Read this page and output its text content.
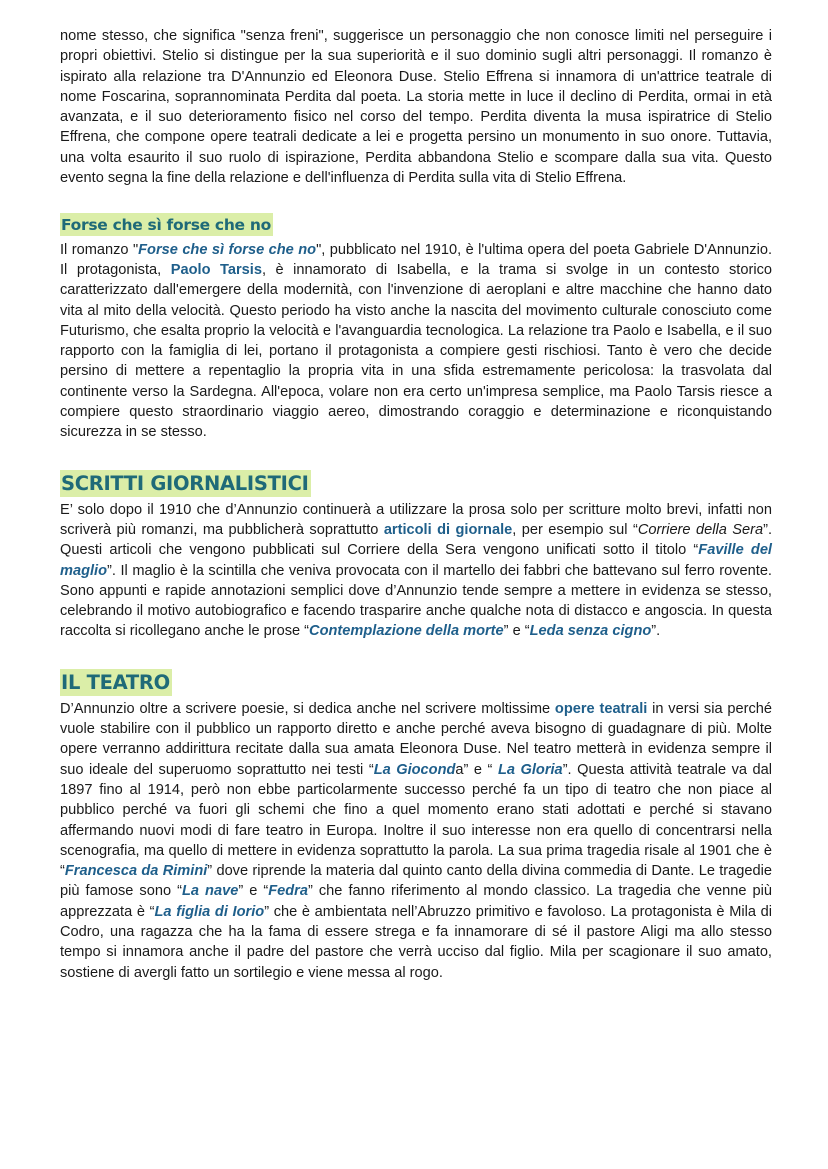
nome stesso, che significa "senza freni", suggerisce un personaggio che non conosce limiti nel perseguire i propri obiettivi. Stelio si distingue per la sua superiorità e il suo dominio sugli altri personaggi. Il romanzo è ispirato alla relazione tra D'Annunzio ed Eleonora Duse. Stelio Effrena si innamora di un'attrice teatrale di nome Foscarina, soprannominata Perdita dal poeta. La storia mette in luce il declino di Perdita, ormai in età avanzata, e il suo deterioramento fisico nel corso del tempo. Perdita diventa la musa ispiratrice di Stelio Effrena, che compone opere teatrali dedicate a lei e progetta persino un monumento in suo onore. Tuttavia, una volta esaurito il suo ruolo di ispirazione, Perdita abbandona Stelio e scompare dalla sua vita. Questo evento segna la fine della relazione e dell'influenza di Perdita sulla vita di Stelio Effrena.

Forse che sì forse che no

Il romanzo "Forse che sì forse che no", pubblicato nel 1910, è l'ultima opera del poeta Gabriele D'Annunzio. Il protagonista, Paolo Tarsis, è innamorato di Isabella, e la trama si svolge in un contesto storico caratterizzato dall'emergere della modernità, con l'invenzione di aeroplani e altre macchine che hanno dato vita al mito della velocità. Questo periodo ha visto anche la nascita del movimento culturale conosciuto come Futurismo, che esalta proprio la velocità e l'avanguardia tecnologica. La relazione tra Paolo e Isabella, e il suo rapporto con la famiglia di lei, portano il protagonista a compiere gesti rischiosi. Tanto è vero che decide persino di mettere a repentaglio la propria vita in una sfida estremamente pericolosa: la trasvolata dal continente verso la Sardegna. All'epoca, volare non era certo un'impresa semplice, ma Paolo Tarsis riesce a compiere questo straordinario viaggio aereo, dimostrando coraggio e determinazione e riconquistando sicurezza in se stesso.

SCRITTI GIORNALISTICI

E’ solo dopo il 1910 che d’Annunzio continuerà a utilizzare la prosa solo per scritture molto brevi, infatti non scriverà più romanzi, ma pubblicherà soprattutto articoli di giornale, per esempio sul “Corriere della Sera”. Questi articoli che vengono pubblicati sul Corriere della Sera vengono unificati sotto il titolo “Faville del maglio”. Il maglio è la scintilla che veniva provocata con il martello dei fabbri che battevano sul ferro rovente. Sono appunti e rapide annotazioni semplici dove d’Annunzio tende sempre a mettere in evidenza se stesso, celebrando il motivo autobiografico e facendo trasparire anche qualche nota di distacco e angoscia. In questa raccolta si ricollegano anche le prose “Contemplazione della morte” e “Leda senza cigno”.

IL TEATRO

D’Annunzio oltre a scrivere poesie, si dedica anche nel scrivere moltissime opere teatrali in versi sia perché vuole stabilire con il pubblico un rapporto diretto e anche perché aveva bisogno di guadagnare di più. Molte opere verranno addirittura recitate dalla sua amata Eleonora Duse. Nel teatro metterà in evidenza sempre il suo ideale del superuomo soprattutto nei testi “La Gioconda” e “ La Gloria”. Questa attività teatrale va dal 1897 fino al 1914, però non ebbe particolarmente successo perché fa un tipo di teatro che non piace al pubblico perché va fuori gli schemi che fino a quel momento erano stati adottati e perché si stavano affermando nuovi modi di fare teatro in Europa. Inoltre il suo interesse non era quello di concentrarsi nella scenografia, ma quello di mettere in evidenza soprattutto la parola. La sua prima tragedia risale al 1901 che è “Francesca da Rimini” dove riprende la materia dal quinto canto della divina commedia di Dante. Le tragedie più famose sono “La nave” e “Fedra” che fanno riferimento al mondo classico. La tragedia che venne più apprezzata è “La figlia di Iorio” che è ambientata nell’Abruzzo primitivo e favoloso. La protagonista è Mila di Codro, una ragazza che ha la fama di essere strega e fa innamorare di sé il pastore Aligi ma allo stesso tempo si innamora anche il padre del pastore che verrà ucciso dal figlio. Mila per scagionare il suo amato, sostiene di avergli fatto un sortilegio e viene messa al rogo.
